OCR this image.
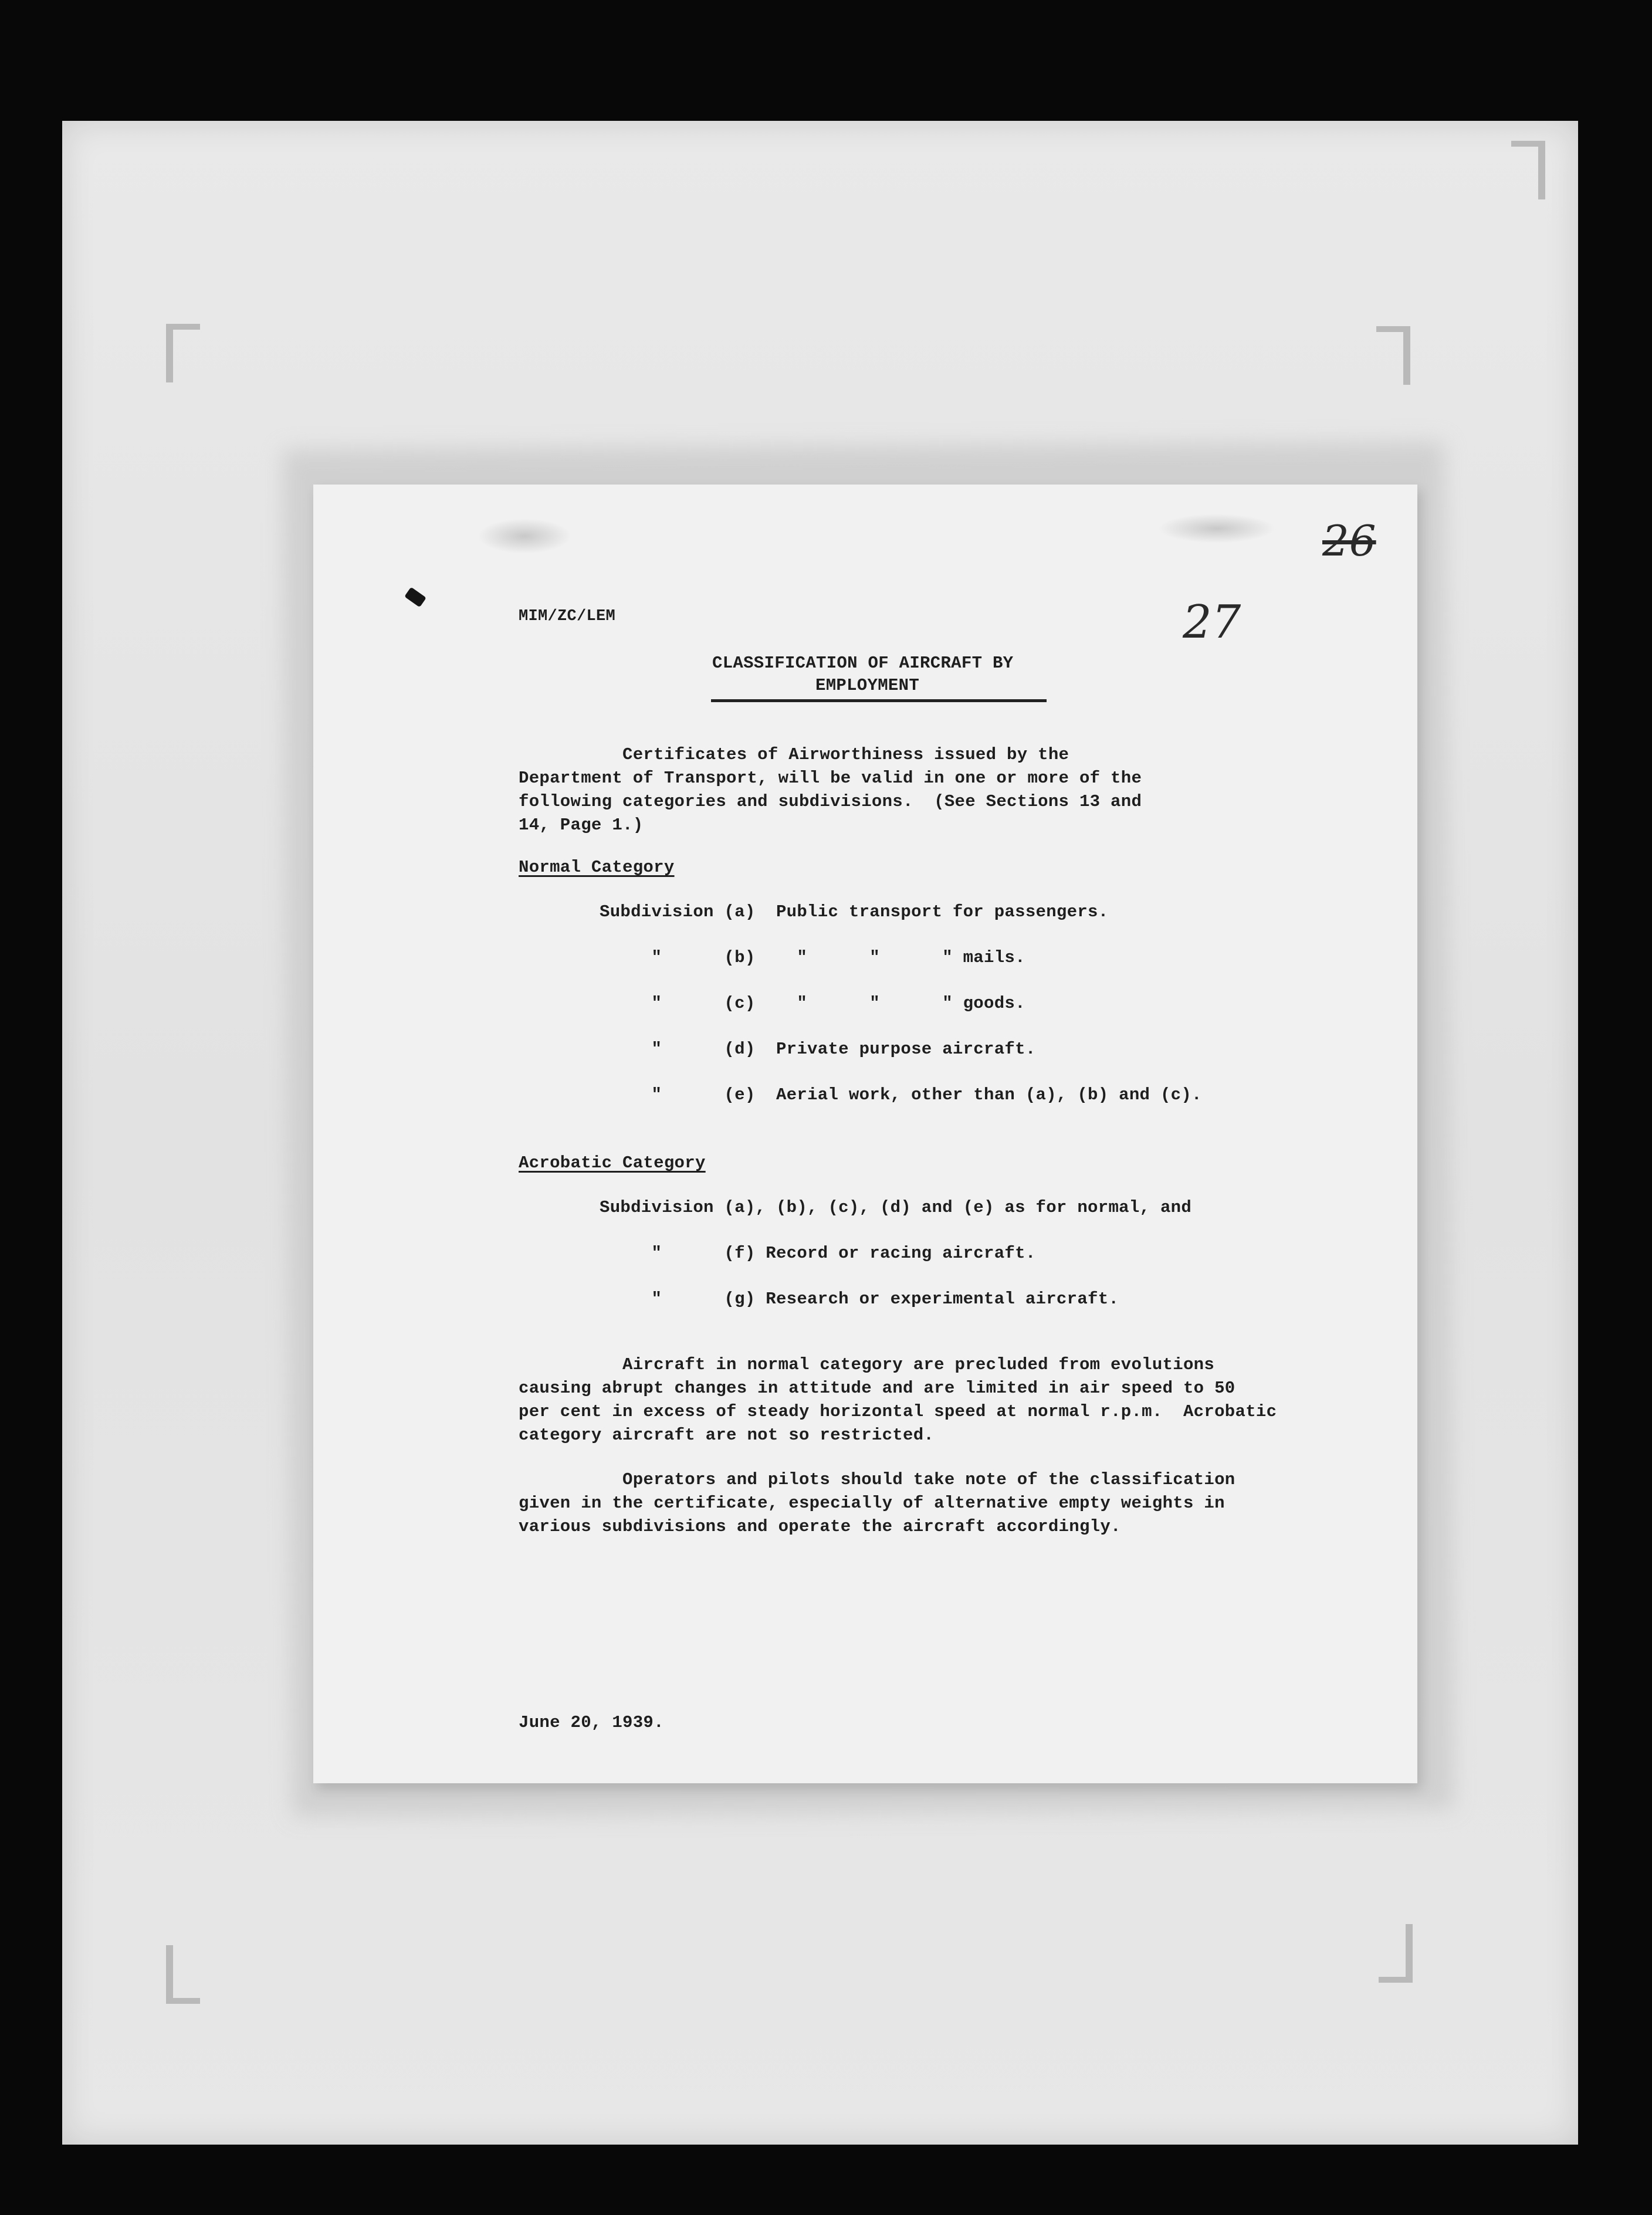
26
27
MIM/ZC/LEM
CLASSIFICATION OF AIRCRAFT BY
EMPLOYMENT
Certificates of Airworthiness issued by the
Department of Transport, will be valid in one or more of the
following categories and subdivisions.  (See Sections 13 and
14, Page 1.)
Normal Category
Subdivision (a)  Public transport for passengers.
"      (b)    "      "      " mails.
"      (c)    "      "      " goods.
"      (d)  Private purpose aircraft.
"      (e)  Aerial work, other than (a), (b) and (c).
Acrobatic Category
Subdivision (a), (b), (c), (d) and (e) as for normal, and
"      (f) Record or racing aircraft.
"      (g) Research or experimental aircraft.
Aircraft in normal category are precluded from evolutions
causing abrupt changes in attitude and are limited in air speed to 50
per cent in excess of steady horizontal speed at normal r.p.m.  Acrobatic
category aircraft are not so restricted.
Operators and pilots should take note of the classification
given in the certificate, especially of alternative empty weights in
various subdivisions and operate the aircraft accordingly.
June 20, 1939.
